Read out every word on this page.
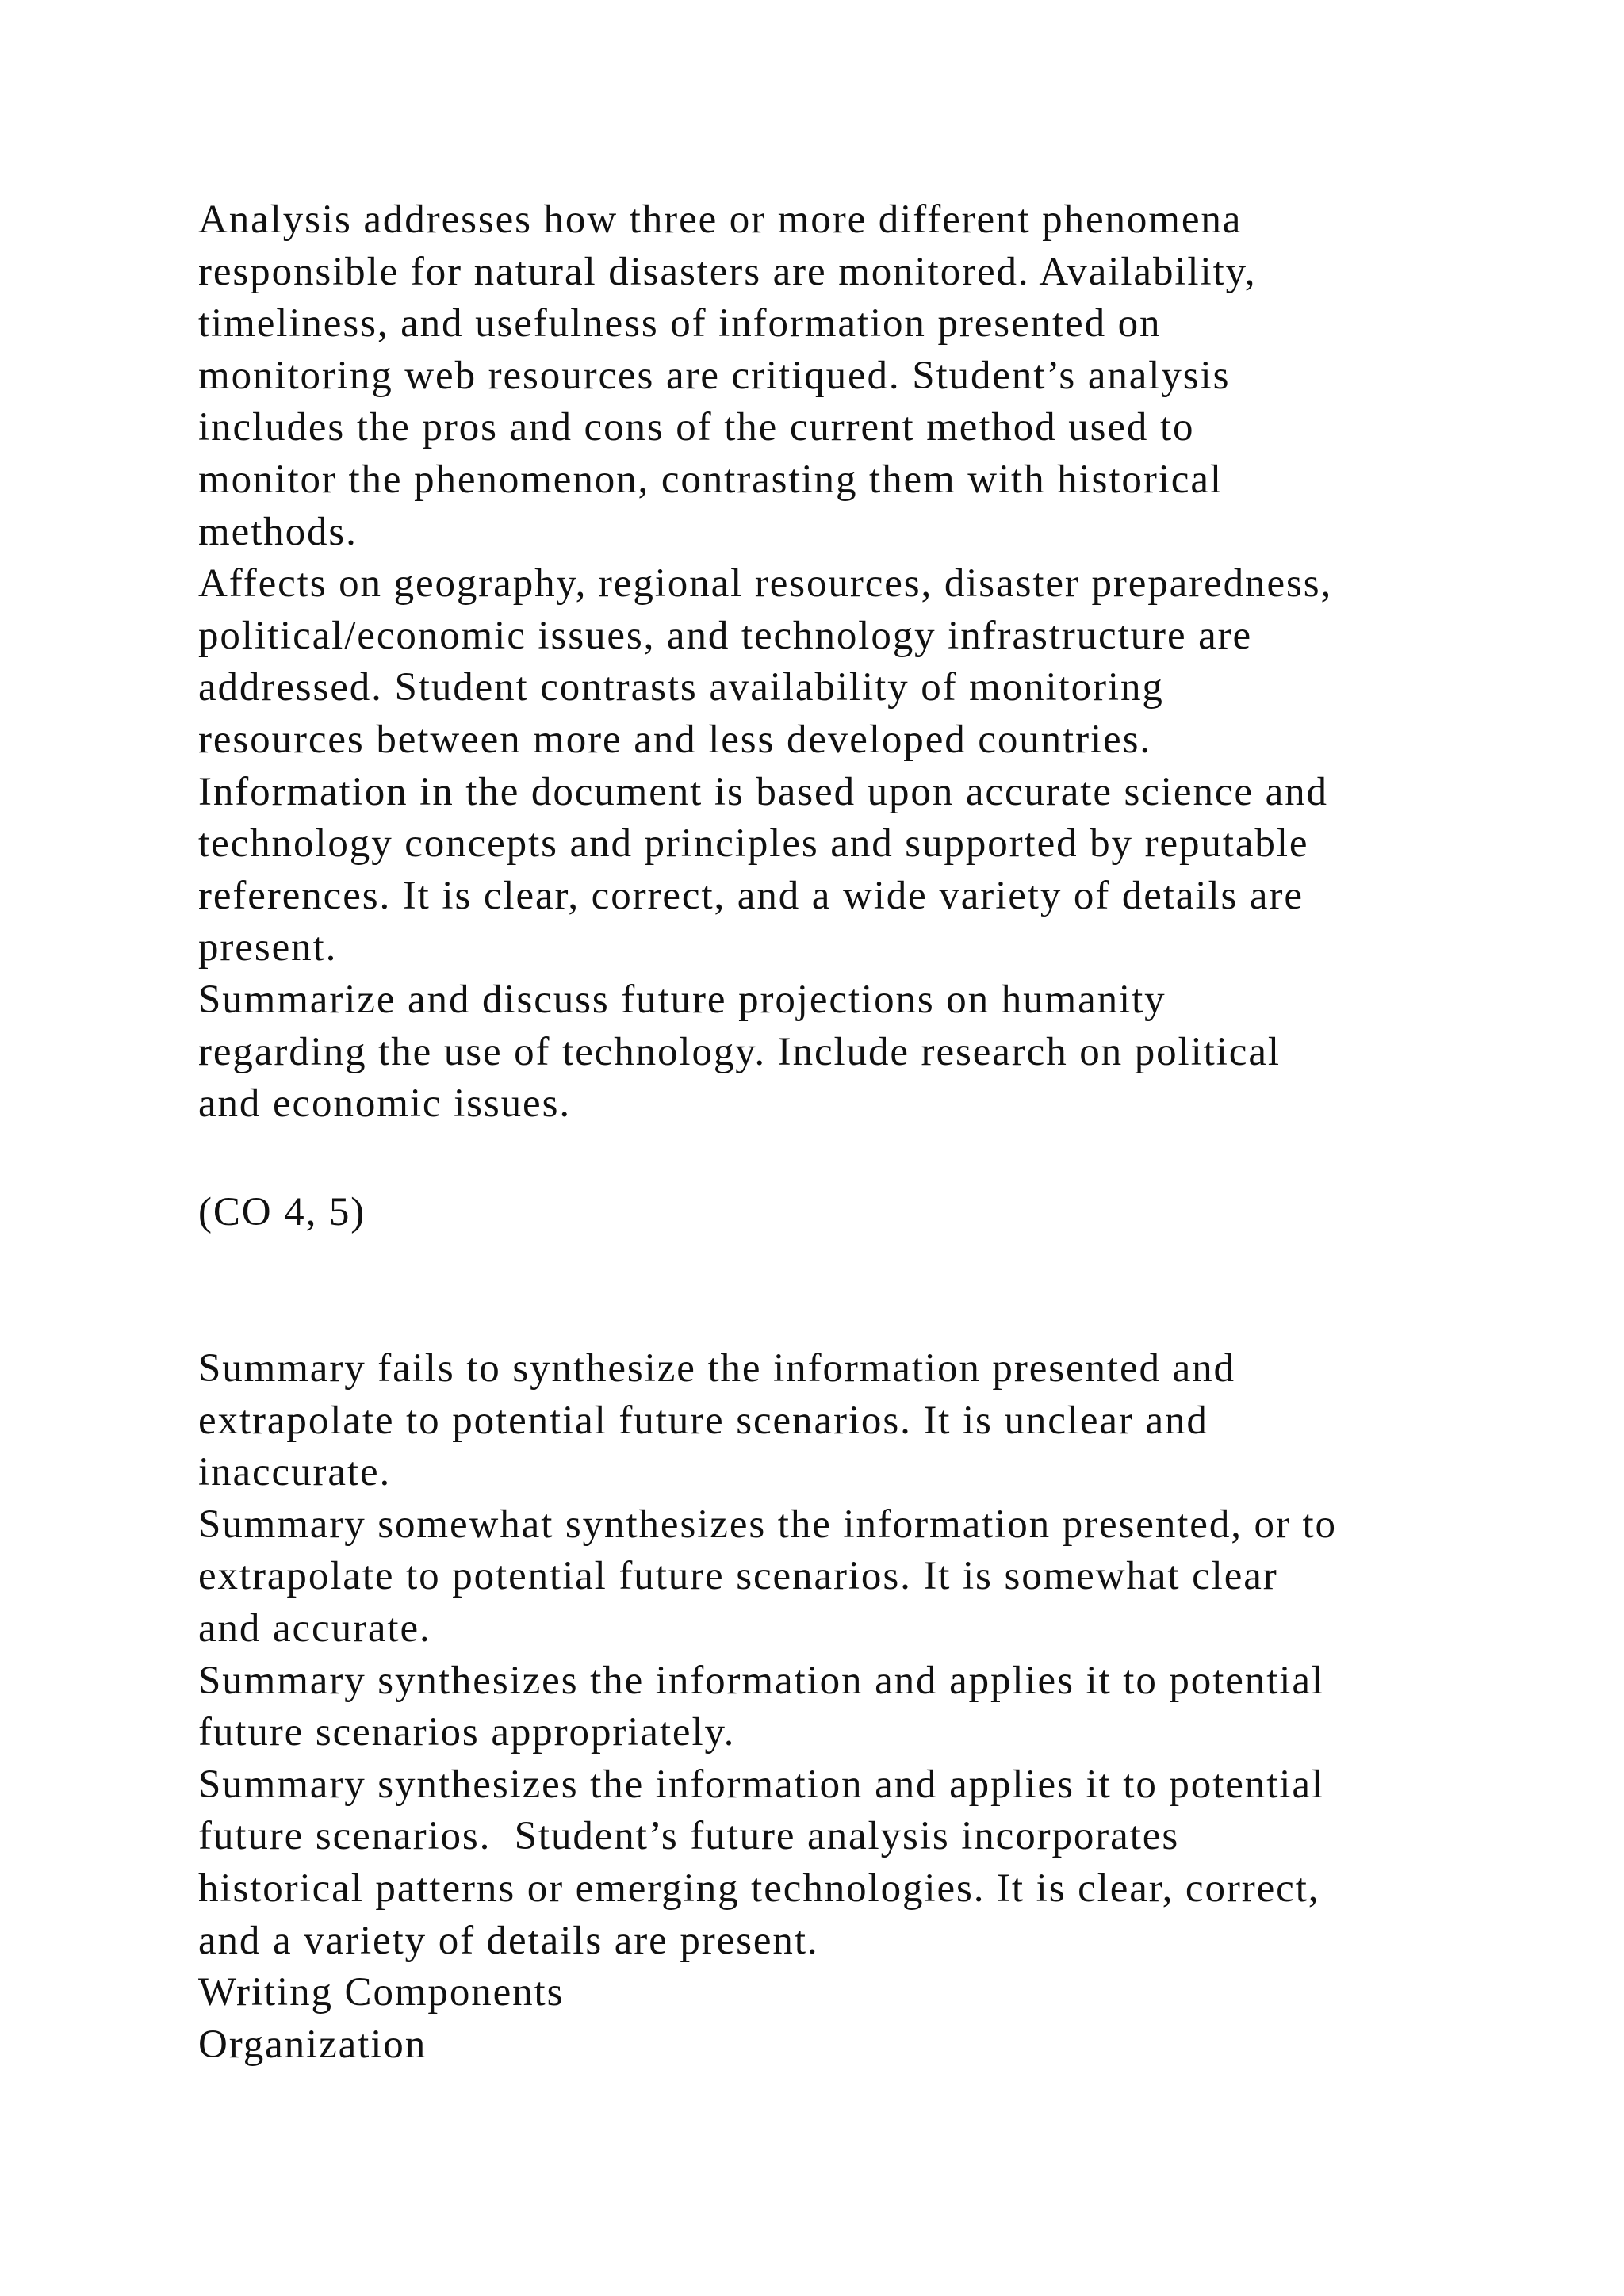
Analysis addresses how three or more different phenomena
responsible for natural disasters are monitored. Availability,
timeliness, and usefulness of information presented on
monitoring web resources are critiqued. Student’s analysis
includes the pros and cons of the current method used to
monitor the phenomenon, contrasting them with historical
methods.
Affects on geography, regional resources, disaster preparedness,
political/economic issues, and technology infrastructure are
addressed. Student contrasts availability of monitoring
resources between more and less developed countries.
Information in the document is based upon accurate science and
technology concepts and principles and supported by reputable
references. It is clear, correct, and a wide variety of details are
present.
Summarize and discuss future projections on humanity
regarding the use of technology. Include research on political
and economic issues.
(CO 4, 5)
Summary fails to synthesize the information presented and
extrapolate to potential future scenarios. It is unclear and
inaccurate.
Summary somewhat synthesizes the information presented, or to
extrapolate to potential future scenarios. It is somewhat clear
and accurate.
Summary synthesizes the information and applies it to potential
future scenarios appropriately.
Summary synthesizes the information and applies it to potential
future scenarios.  Student’s future analysis incorporates
historical patterns or emerging technologies. It is clear, correct,
and a variety of details are present.
Writing Components
Organization
